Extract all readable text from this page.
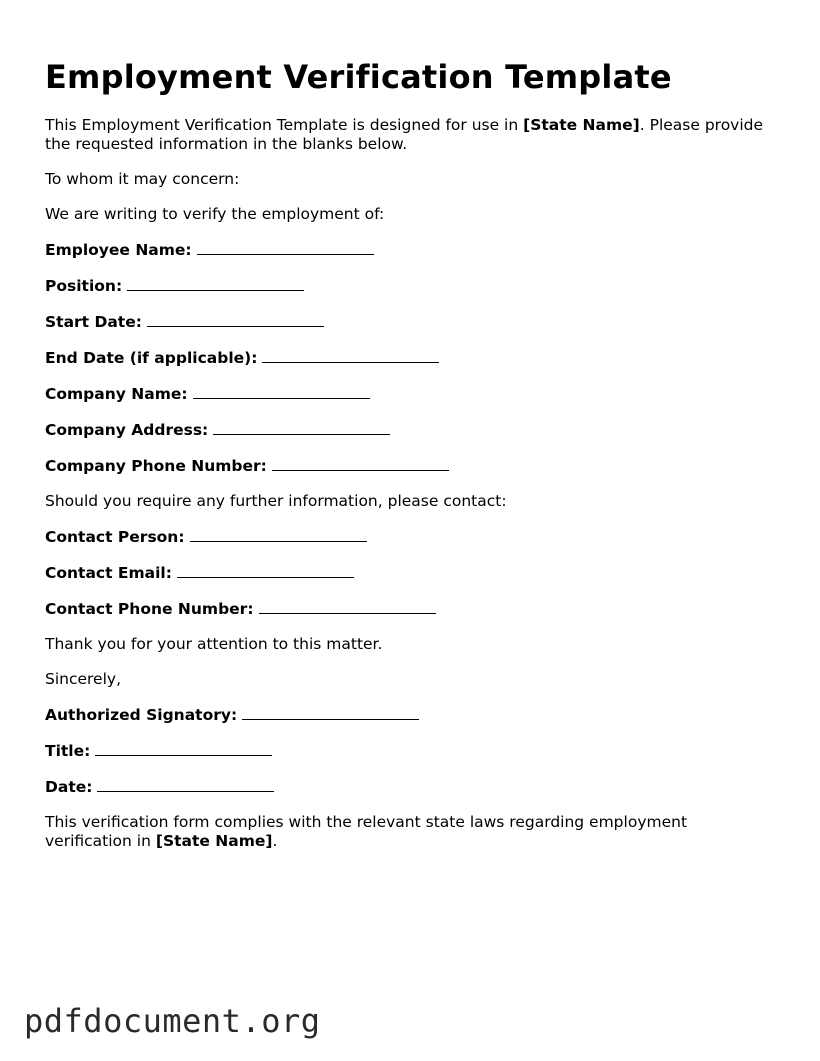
Employment Verification Template

This Employment Verification Template is designed for use in [State Name]. Please provide the requested information in the blanks below.

To whom it may concern:

We are writing to verify the employment of:

Employee Name:

Position:

Start Date:

End Date (if applicable):

Company Name:

Company Address:

Company Phone Number:

Should you require any further information, please contact:

Contact Person:

Contact Email:

Contact Phone Number:

Thank you for your attention to this matter.

Sincerely,

Authorized Signatory:

Title:

Date:

This verification form complies with the relevant state laws regarding employment verification in [State Name].

pdfdocument.org
